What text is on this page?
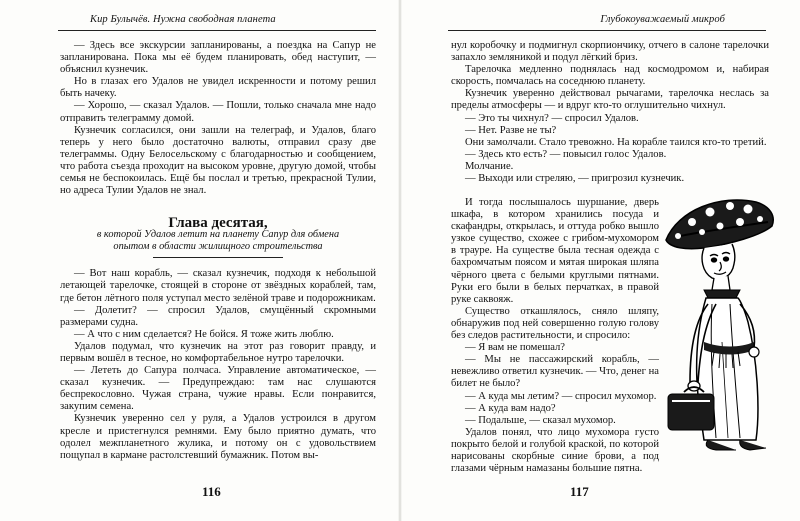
Кир Булычёв. Нужна свободная планета

— Здесь все экскурсии запланированы, а поездка на Сапур не запланирована. Пока мы её будем планировать, обед наступит, — объяснил кузнечик.

Но в глазах его Удалов не увидел искренности и потому решил быть начеку.

— Хорошо, — сказал Удалов. — Пошли, только сначала мне надо отправить телеграмму домой.

Кузнечик согласился, они зашли на телеграф, и Удалов, благо теперь у него было достаточно валюты, отправил сразу две телеграммы. Одну Белосельскому с благодарностью и сообщением, что работа съезда проходит на высоком уровне, другую домой, чтобы семья не беспокоилась. Ещё бы послал и третью, прекрасной Тулии, но адреса Тулии Удалов не знал.

Глава десятая,

в которой Удалов летит на планету Сапур для обмена опытом в области жилищного строительства

— Вот наш корабль, — сказал кузнечик, подходя к небольшой летающей тарелочке, стоящей в стороне от звёздных кораблей, там, где бетон лётного поля уступал место зелёной траве и подорожникам.

— Долетит? — спросил Удалов, смущённый скромными размерами судна.

— А что с ним сделается? Не бойся. Я тоже жить люблю.

Удалов подумал, что кузнечик на этот раз говорит правду, и первым вошёл в тесное, но комфортабельное нутро тарелочки.

— Лететь до Сапура полчаса. Управление автоматическое, — сказал кузнечик. — Предупреждаю: там нас слушаются беспрекословно. Чужая страна, чужие нравы. Если понравится, закупим семена.

Кузнечик уверенно сел у руля, а Удалов устроился в другом кресле и пристегнулся ремнями. Ему было приятно думать, что одолел межпланетного жулика, и потому он с удовольствием пощупал в кармане растолстевший бумажник. Потом вы-

116
Глубокоуважаемый микроб

нул коробочку и подмигнул скорпиончику, отчего в салоне тарелочки запахло земляникой и подул лёгкий бриз.

Тарелочка медленно поднялась над космодромом и, набирая скорость, помчалась на соседнюю планету.

Кузнечик уверенно действовал рычагами, тарелочка неслась за пределы атмосферы — и вдруг кто-то оглушительно чихнул.

— Это ты чихнул? — спросил Удалов.

— Нет. Разве не ты?

Они замолчали. Стало тревожно. На корабле таился кто-то третий.

— Здесь кто есть? — повысил голос Удалов.

Молчание.

— Выходи или стреляю, — пригрозил кузнечик.

И тогда послышалось шуршание, дверь шкафа, в котором хранились посуда и скафандры, открылась, и оттуда робко вышло узкое существо, схожее с грибом-мухомором в трауре. На существе была тесная одежда с бахромчатым поясом и мятая широкая шляпа чёрного цвета с белыми круглыми пятнами. Руки его были в белых перчатках, в правой руке саквояж.

Существо откашлялось, сняло шляпу, обнаружив под ней совершенно голую голову без следов растительности, и спросило:

— Я вам не помешал?

— Мы не пассажирский корабль, — невежливо ответил кузнечик. — Что, денег на билет не было?

— А куда мы летим? — спросил мухомор.

— А куда вам надо?

— Подальше, — сказал мухомор.

Удалов понял, что лицо мухомора густо покрыто белой и голубой краской, по которой нарисованы скорбные синие брови, а под глазами чёрным намазаны большие пятна.

117
